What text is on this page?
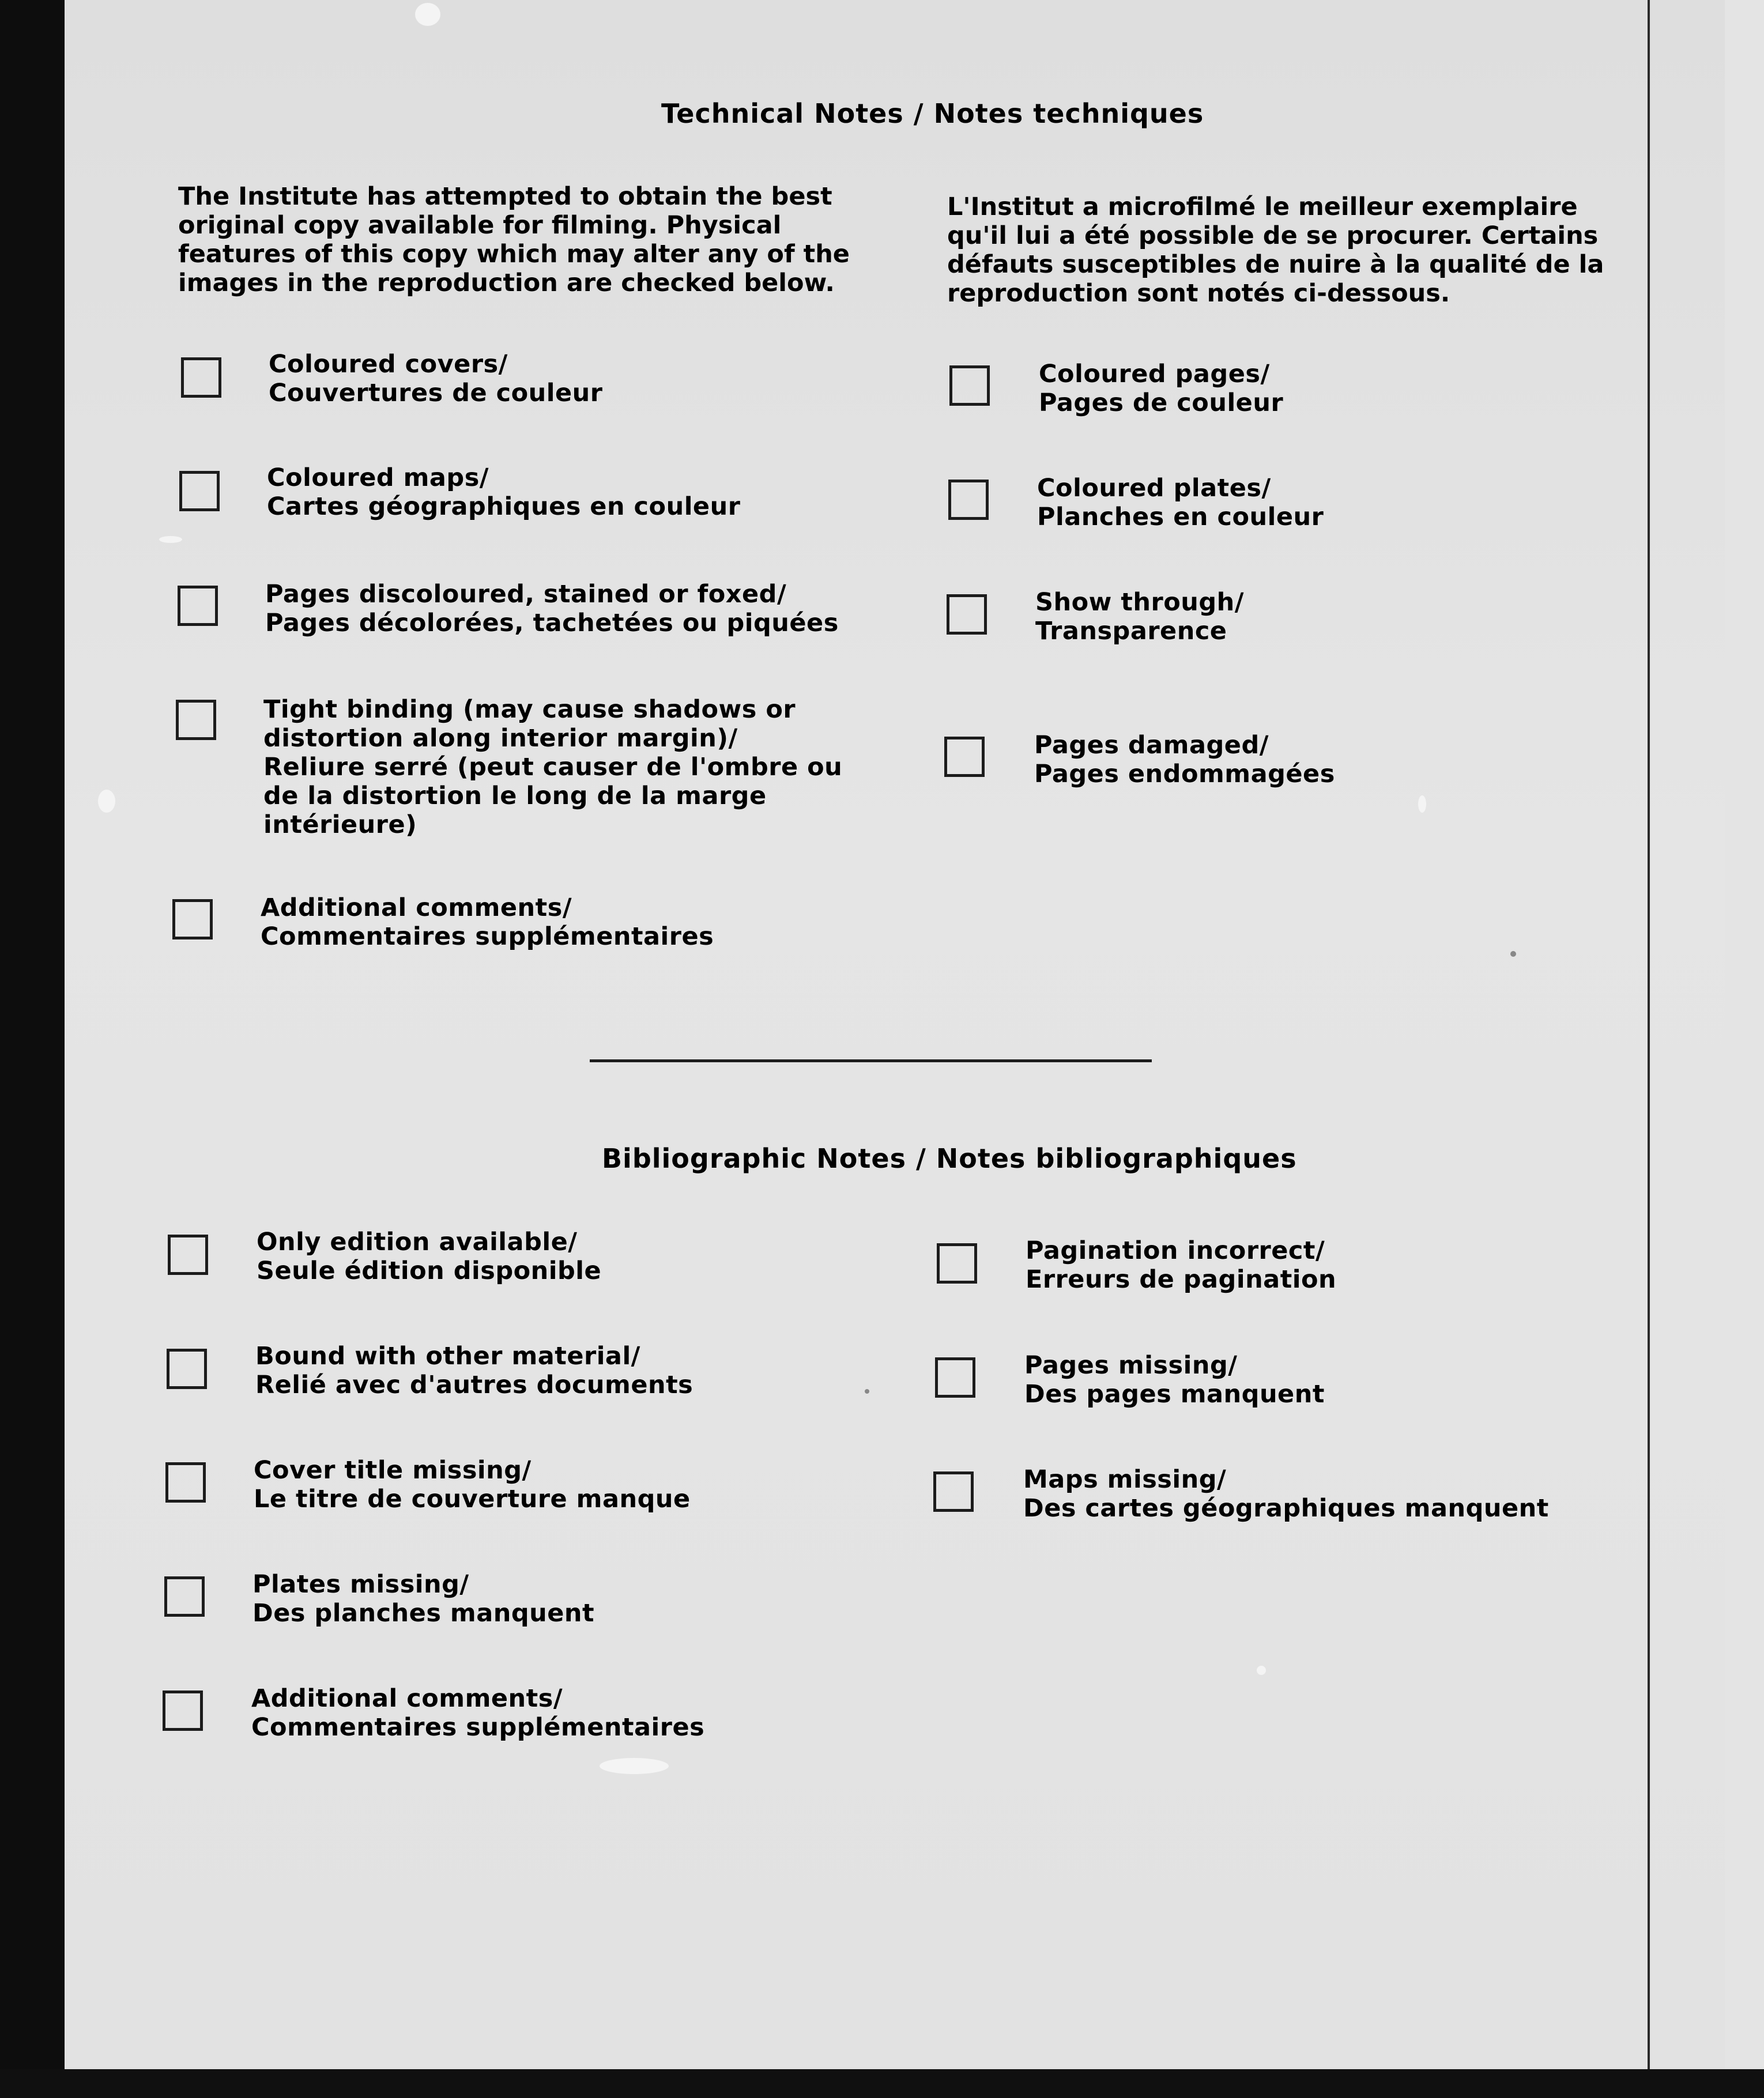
Technical Notes / Notes techniques
The Institute has attempted to obtain the best
original copy available for filming. Physical
features of this copy which may alter any of the
images in the reproduction are checked below.
L'Institut a microfilmé le meilleur exemplaire
qu'il lui a été possible de se procurer. Certains
défauts susceptibles de nuire à la qualité de la
reproduction sont notés ci-dessous.
Coloured covers/
Couvertures de couleur
Coloured maps/
Cartes géographiques en couleur
Pages discoloured, stained or foxed/
Pages décolorées, tachetées ou piquées
Tight binding (may cause shadows or
distortion along interior margin)/
Reliure serré (peut causer de l'ombre ou
de la distortion le long de la marge
intérieure)
Additional comments/
Commentaires supplémentaires
Coloured pages/
Pages de couleur
Coloured plates/
Planches en couleur
Show through/
Transparence
Pages damaged/
Pages endommagées
Bibliographic Notes / Notes bibliographiques
Only edition available/
Seule édition disponible
Bound with other material/
Relié avec d'autres documents
Cover title missing/
Le titre de couverture manque
Plates missing/
Des planches manquent
Additional comments/
Commentaires supplémentaires
Pagination incorrect/
Erreurs de pagination
Pages missing/
Des pages manquent
Maps missing/
Des cartes géographiques manquent
